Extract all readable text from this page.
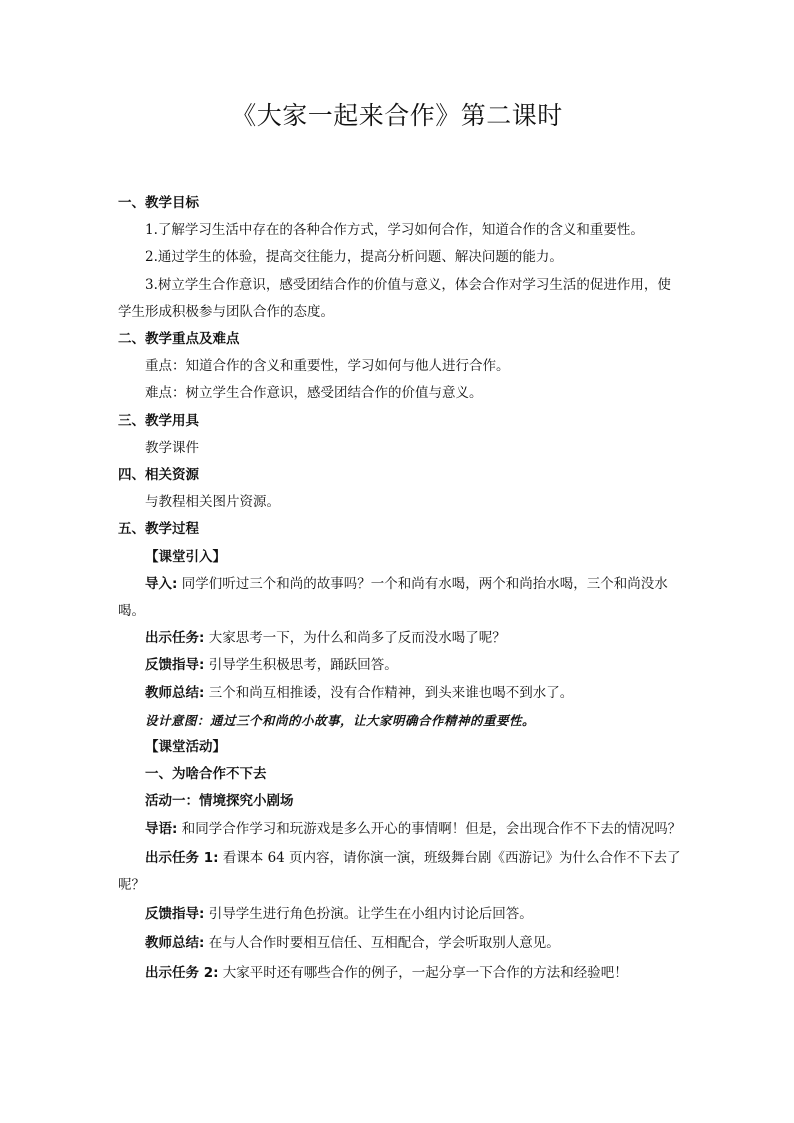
《大家一起来合作》第二课时

一、教学目标

1.了解学习生活中存在的各种合作方式，学习如何合作，知道合作的含义和重要性。

2.通过学生的体验，提高交往能力，提高分析问题、解决问题的能力。

3.树立学生合作意识，感受团结合作的价值与意义，体会合作对学习生活的促进作用，使学生形成积极参与团队合作的态度。

二、教学重点及难点

重点：知道合作的含义和重要性，学习如何与他人进行合作。

难点：树立学生合作意识，感受团结合作的价值与意义。

三、教学用具

教学课件

四、相关资源

与教程相关图片资源。

五、教学过程

【课堂引入】

导入: 同学们听过三个和尚的故事吗？一个和尚有水喝，两个和尚抬水喝，三个和尚没水喝。

出示任务: 大家思考一下，为什么和尚多了反而没水喝了呢？

反馈指导: 引导学生积极思考，踊跃回答。

教师总结: 三个和尚互相推诿，没有合作精神，到头来谁也喝不到水了。

设计意图：通过三个和尚的小故事，让大家明确合作精神的重要性。

【课堂活动】

一、为啥合作不下去

活动一：情境探究小剧场

导语: 和同学合作学习和玩游戏是多么开心的事情啊！但是，会出现合作不下去的情况吗？

出示任务 1: 看课本 64 页内容，请你演一演，班级舞台剧《西游记》为什么合作不下去了呢？

反馈指导: 引导学生进行角色扮演。让学生在小组内讨论后回答。

教师总结: 在与人合作时要相互信任、互相配合，学会听取别人意见。

出示任务 2: 大家平时还有哪些合作的例子，一起分享一下合作的方法和经验吧！
